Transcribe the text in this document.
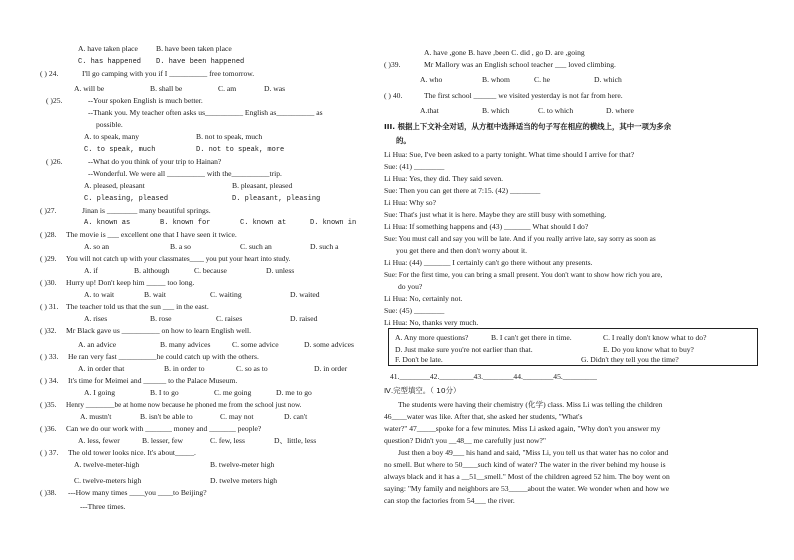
A. have taken place B. have been taken place
C. has happened D. have been happened
( ) 24.	I'll go camping with you if I __________ free tomorrow.
A. will be	B. shall be	C. am	D. was
( )25.	--Your spoken English is much better.
--Thank you. My teacher often asks us__________ English as__________ as
possible.
A. to speak, many	B. not to speak, much
C. to speak, much	D. not to speak, more
( )26.	--What do you think of your trip to Hainan?
--Wonderful. We were all __________ with the__________trip.
A. pleased, pleasant	B. pleasant, pleased
C. pleasing, pleased	D. pleasant, pleasing
( )27.	Jinan is ________ many beautiful springs.
A. known as	B. known for	C. known at	D. known in
( )28. The movie is ___ excellent one that I have seen it twice.
A. so an	B. a so	C. such an	D. such a
( )29. You will not catch up with your classmates____ you put your heart into study.
A. if	B. although	C. because	D. unless
( )30. Hurry up! Don't keep him _____ too long.
A. to wait	B. wait	C. waiting	D. waited
( ) 31. The teacher told us that the sun ___ in the east.
A. rises	B. rose	C. raises	D. raised
( )32. Mr Black gave us __________ on how to learn English well.
A. an advice	B. many advices	C. some advice	D. some advices
( ) 33. He ran very fast __________he could catch up with the others.
A. in order that	B. in order to	C. so as to	D. in order
( ) 34. It's time for Meimei and ______ to the Palace Museum.
A. I going	B. I to go	C. me going	D. me to go
( )35. Henry ________be at home now because he phoned me from the school just now.
A. mustn't	B. isn't be able to	C. may not	D. can't
( )36. Can we do our work with _______ money and _______ people?
A. less, fewer	B. lesser, few	C. few, less	D、little, less
( ) 37. The old tower looks nice. It's about_____.
A. twelve-meter-high	B. twelve-meter high
C. twelve-meters high	D. twelve meters high
( )38. ---How many times ____you ____to Beijing?
---Three times.
A. have ,gone B. have ,been C. did , go D. are ,going
( )39.	Mr Mallory was an English school teacher ___ loved climbing.
A. who	B. whom	C. he	D. which
( ) 40.	The first school ______ we visited yesterday is not far from here.
A.that	B. which	C. to which	D. where
III. 根据上下文补全对话，从方框中选择适当的句子写在相应的横线上，其中一项为多余
的。
Li Hua: Sue, I've been asked to a party tonight. What time should I arrive for that?
Sue: (41) ________
Li Hua: Yes, they did. They said seven.
Sue: Then you can get there at 7:15. (42) ________
Li Hua: Why so?
Sue: That's just what it is here. Maybe they are still busy with something.
Li Hua: If something happens and (43) _______ What should I do?
Sue: You must call and say you will be late. And if you really arrive late, say sorry as soon as
you get there and then don't worry about it.
Li Hua: (44) _______ I certainly can't go there without any presents.
Sue: For the first time, you can bring a small present. You don't want to show how rich you are,
do you?
Li Hua: No, certainly not.
Sue: (45) ________
Li Hua: No, thanks very much.
A. Any more questions?	B. I can't get there in time.	C. I really don't know what to do?
D. Just make sure you're not earlier than that.	E. Do you know what to buy?
F. Don't be late.	G. Didn't they tell you the time?
41.________42._________43.________44.________45._________
Ⅳ.完型填空。（ 10分）
The students were having their chemistry (化学) class. Miss Li was telling the children
46____water was like. After that, she asked her students, "What's
water?" 47_____spoke for a few minutes. Miss Li asked again, "Why don't you answer my
question? Didn't you __48__ me carefully just now?"
Just then a boy 49___ his hand and said, "Miss Li, you tell us that water has no color and
no smell. But where to 50____such kind of water? The water in the river behind my house is
always black and it has a __51__smell." Most of the children agreed 52 him. The boy went on
saying: "My family and neighbors are 53_____about the water. We wonder when and how we
can stop the factories from 54___ the river.
